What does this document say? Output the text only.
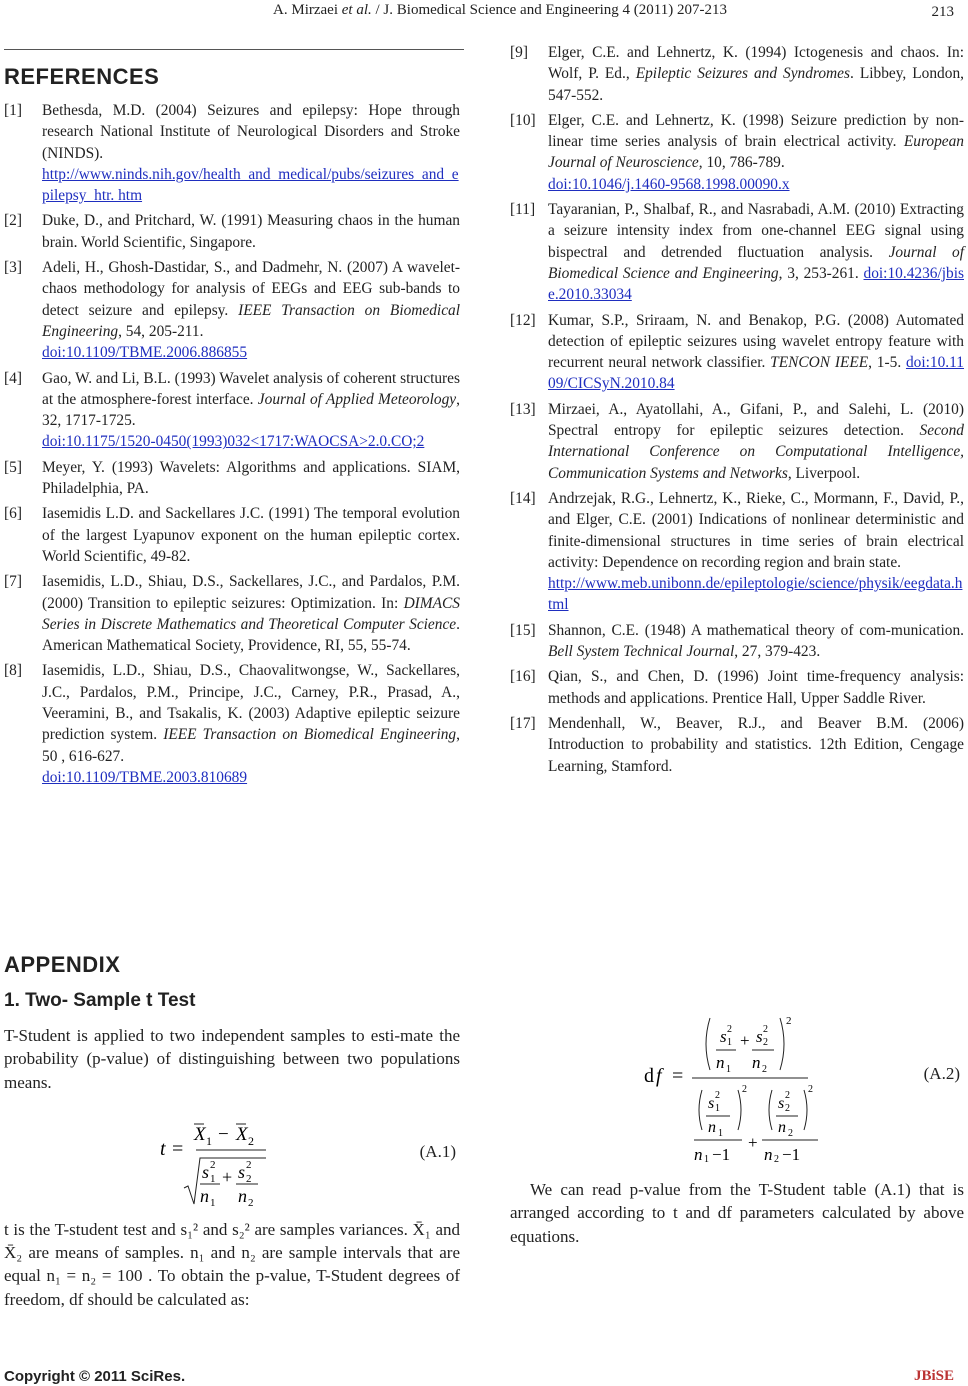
A. Mirzaei et al. / J. Biomedical Science and Engineering 4 (2011) 207-213	213
REFERENCES
[1]	Bethesda, M.D. (2004) Seizures and epilepsy: Hope through research National Institute of Neurological Disorders and Stroke (NINDS).
http://www.ninds.nih.gov/health_and_medical/pubs/seizures_and_epilepsy_htr. htm
[2]	Duke, D., and Pritchard, W. (1991) Measuring chaos in the human brain. World Scientific, Singapore.
[3]	Adeli, H., Ghosh-Dastidar, S., and Dadmehr, N. (2007) A wavelet-chaos methodology for analysis of EEGs and EEG sub-bands to detect seizure and epilepsy. IEEE Transaction on Biomedical Engineering, 54, 205-211.
doi:10.1109/TBME.2006.886855
[4]	Gao, W. and Li, B.L. (1993) Wavelet analysis of coherent structures at the atmosphere-forest interface. Journal of Applied Meteorology, 32, 1717-1725.
doi:10.1175/1520-0450(1993)032<1717:WAOCSA>2.0.CO;2
[5]	Meyer, Y. (1993) Wavelets: Algorithms and applications. SIAM, Philadelphia, PA.
[6]	Iasemidis L.D. and Sackellares J.C. (1991) The temporal evolution of the largest Lyapunov exponent on the human epileptic cortex. World Scientific, 49-82.
[7]	Iasemidis, L.D., Shiau, D.S., Sackellares, J.C., and Pardalos, P.M. (2000) Transition to epileptic seizures: Optimization. In: DIMACS Series in Discrete Mathematics and Theoretical Computer Science. American Mathematical Society, Providence, RI, 55, 55-74.
[8]	Iasemidis, L.D., Shiau, D.S., Chaovalitwongse, W., Sackellares, J.C., Pardalos, P.M., Principe, J.C., Carney, P.R., Prasad, A., Veeramini, B., and Tsakalis, K. (2003) Adaptive epileptic seizure prediction system. IEEE Transaction on Biomedical Engineering, 50 , 616-627.
doi:10.1109/TBME.2003.810689
[9]	Elger, C.E. and Lehnertz, K. (1994) Ictogenesis and chaos. In: Wolf, P. Ed., Epileptic Seizures and Syndromes. Libbey, London, 547-552.
[10] Elger, C.E. and Lehnertz, K. (1998) Seizure prediction by non-linear time series analysis of brain electrical activity. European Journal of Neuroscience, 10, 786-789.
doi:10.1046/j.1460-9568.1998.00090.x
[11] Tayaranian, P., Shalbaf, R., and Nasrabadi, A.M. (2010) Extracting a seizure intensity index from one-channel EEG signal using bispectral and detrended fluctuation analysis. Journal of Biomedical Science and Engineering, 3, 253-261. doi:10.4236/jbise.2010.33034
[12] Kumar, S.P., Sriraam, N. and Benakop, P.G. (2008) Automated detection of epileptic seizures using wavelet entropy feature with recurrent neural network classifier. TENCON IEEE, 1-5. doi:10.1109/CICSyN.2010.84
[13] Mirzaei, A., Ayatollahi, A., Gifani, P., and Salehi, L. (2010) Spectral entropy for epileptic seizures detection. Second International Conference on Computational Intelligence, Communication Systems and Networks, Liverpool.
[14] Andrzejak, R.G., Lehnertz, K., Rieke, C., Mormann, F., David, P., and Elger, C.E. (2001) Indications of nonlinear deterministic and finite-dimensional structures in time series of brain electrical activity: Dependence on recording region and brain state.
http://www.meb.unibonn.de/epileptologie/science/physik/eegdata.html
[15] Shannon, C.E. (1948) A mathematical theory of com-munication. Bell System Technical Journal, 27, 379-423.
[16] Qian, S., and Chen, D. (1996) Joint time-frequency analysis: methods and applications. Prentice Hall, Upper Saddle River.
[17] Mendenhall, W., Beaver, R.J., and Beaver B.M. (2006) Introduction to probability and statistics. 12th Edition, Cengage Learning, Stamford.
APPENDIX
1. Two- Sample t Test

T-Student is applied to two independent samples to esti-mate the probability (p-value) of distinguishing between two populations means.

t =
X 1 − X 2
s 2
1 + s 2
2
n 1 n 2
(A.1)

t is the T-student test and s₁² and s₂² are samples variances. X̄₁ and X̄₂ are means of samples. n₁ and n₂ are sample intervals that are equal n₁ = n₂ = 100 . To obtain the p-value, T-Student degrees of freedom, df should be calculated as:

d f =
2
s 2
1 + s 2
2
n 1 n 2
2
s 2
1
n 1
2
s 2
2
n 2
+
n 1 −1 n 2 −1
(A.2)

We can read p-value from the T-Student table (A.1) that is arranged according to t and df parameters calculated by above equations.

Copyright © 2011 SciRes.	JBiSE
